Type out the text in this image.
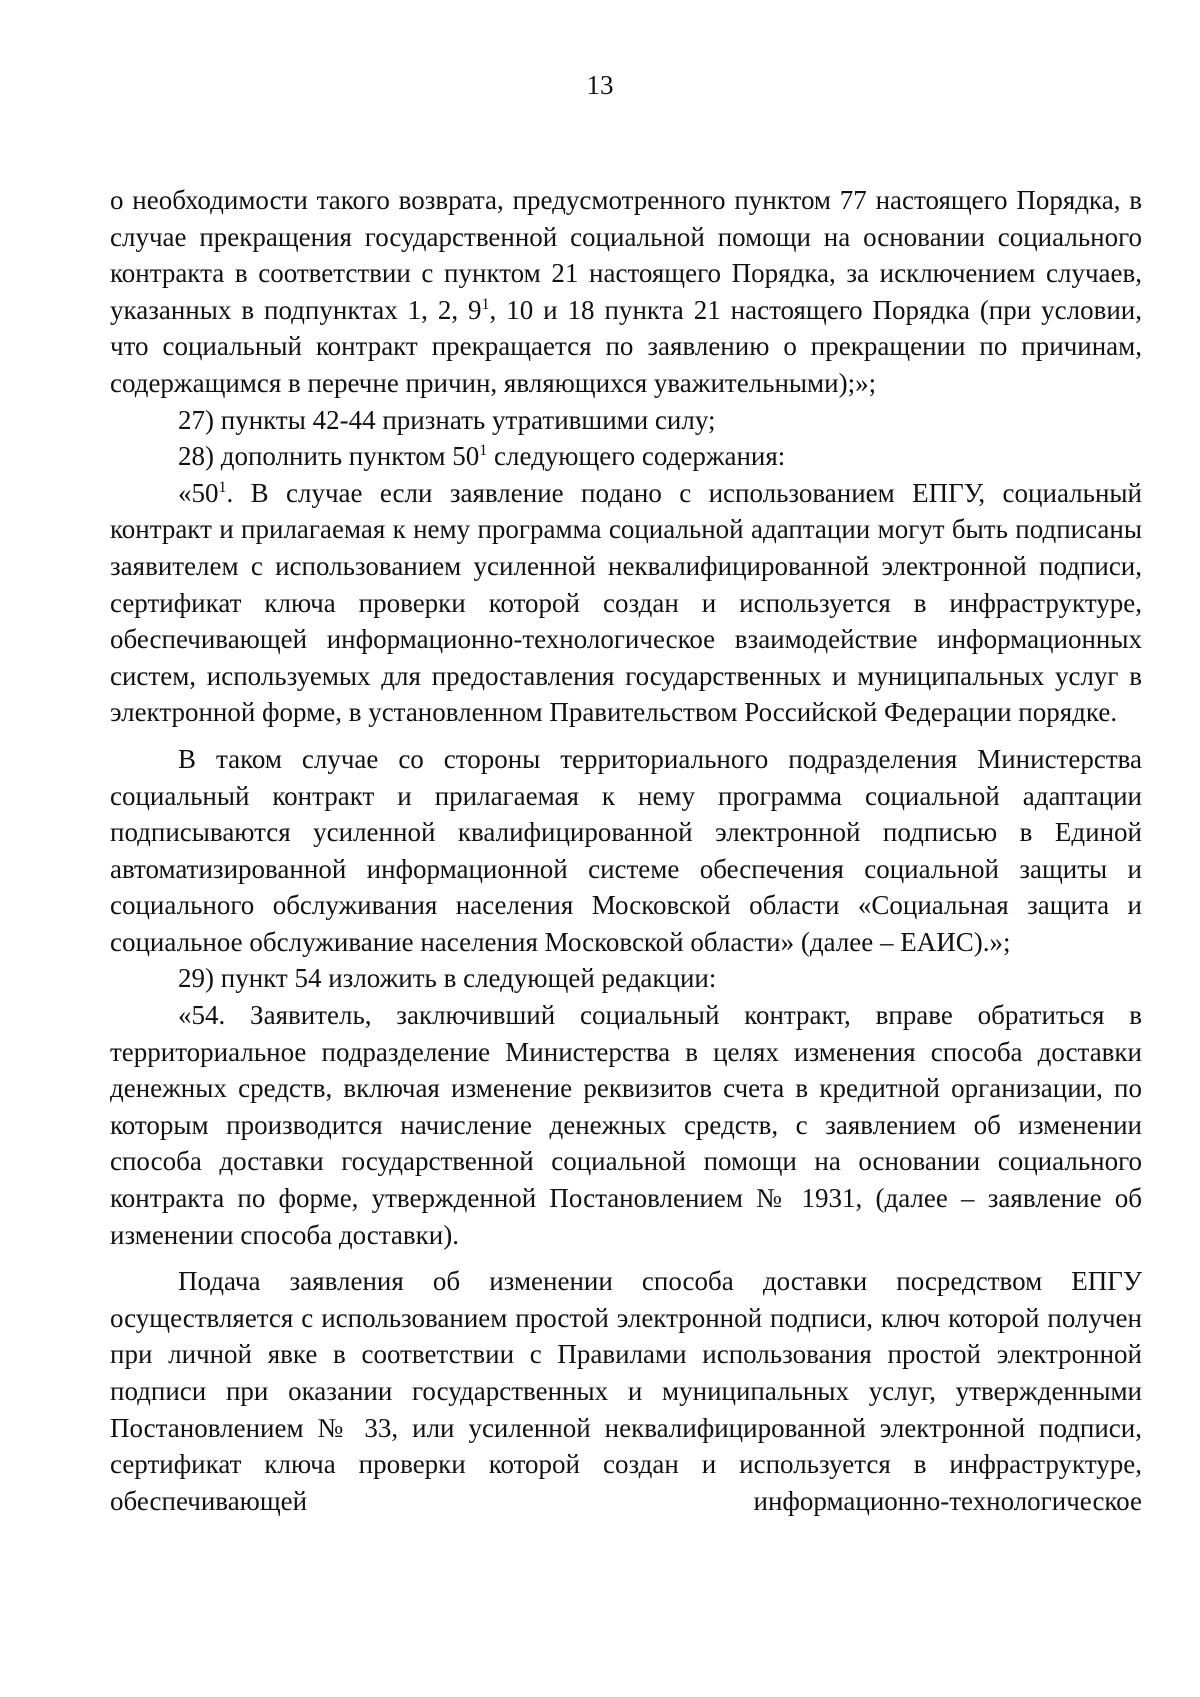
13

о необходимости такого возврата, предусмотренного пунктом 77 настоящего Порядка, в случае прекращения государственной социальной помощи на основании социального контракта в соответствии с пунктом 21 настоящего Порядка, за исключением случаев, указанных в подпунктах 1, 2, $9^1$, 10 и 18 пункта 21 настоящего Порядка (при условии, что социальный контракт прекращается по заявлению о прекращении по причинам, содержащимся в перечне причин, являющихся уважительными);»;

27) пункты 42-44 признать утратившими силу;

28) дополнить пунктом $50^1$ следующего содержания:

«$50^1$. В случае если заявление подано с использованием ЕПГУ, социальный контракт и прилагаемая к нему программа социальной адаптации могут быть подписаны заявителем с использованием усиленной неквалифицированной электронной подписи, сертификат ключа проверки которой создан и используется в инфраструктуре, обеспечивающей информационно-технологическое взаимодействие информационных систем, используемых для предоставления государственных и муниципальных услуг в электронной форме, в установленном Правительством Российской Федерации порядке.

В таком случае со стороны территориального подразделения Министерства социальный контракт и прилагаемая к нему программа социальной адаптации подписываются усиленной квалифицированной электронной подписью в Единой автоматизированной информационной системе обеспечения социальной защиты и социального обслуживания населения Московской области «Социальная защита и социальное обслуживание населения Московской области» (далее – ЕАИС).»;

29) пункт 54 изложить в следующей редакции:

«54. Заявитель, заключивший социальный контракт, вправе обратиться в территориальное подразделение Министерства в целях изменения способа доставки денежных средств, включая изменение реквизитов счета в кредитной организации, по которым производится начисление денежных средств, с заявлением об изменении способа доставки государственной социальной помощи на основании социального контракта по форме, утвержденной Постановлением № 1931, (далее – заявление об изменении способа доставки).

Подача заявления об изменении способа доставки посредством ЕПГУ осуществляется с использованием простой электронной подписи, ключ которой получен при личной явке в соответствии с Правилами использования простой электронной подписи при оказании государственных и муниципальных услуг, утвержденными Постановлением № 33, или усиленной неквалифицированной электронной подписи, сертификат ключа проверки которой создан и используется в инфраструктуре, обеспечивающей информационно-технологическое
